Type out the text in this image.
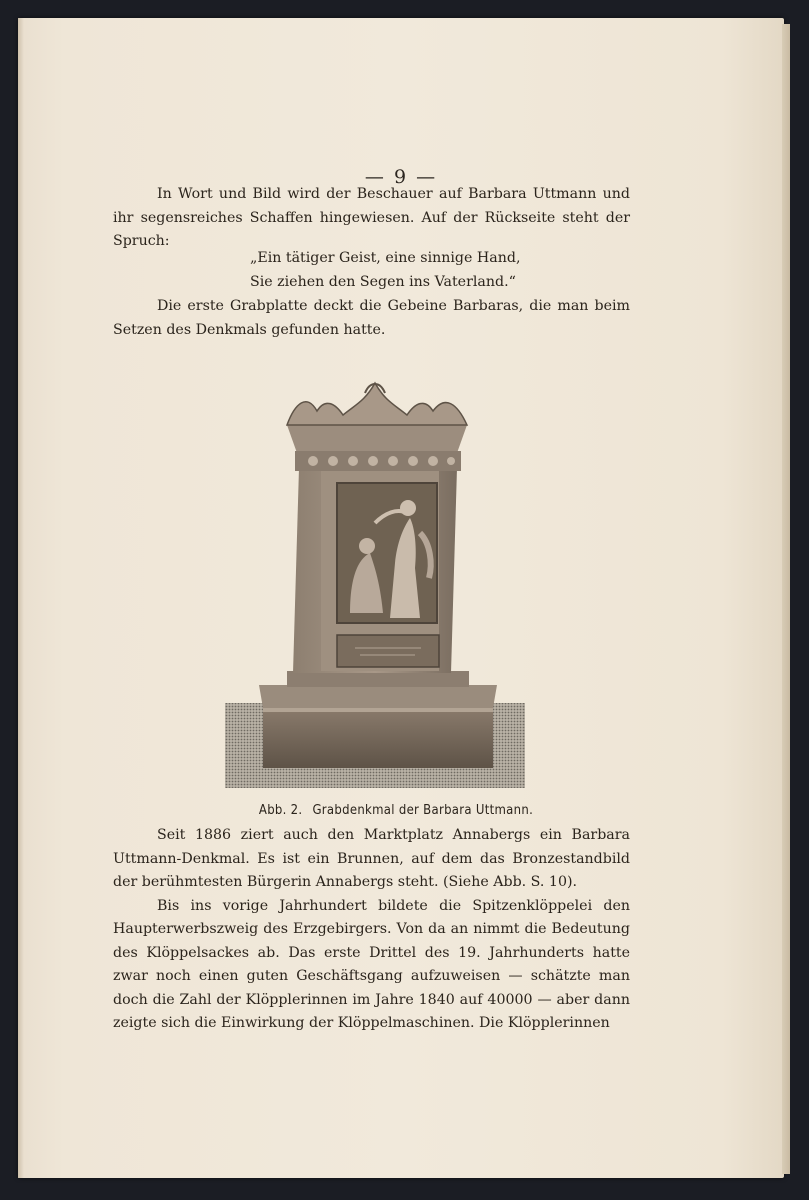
— 9 —
In Wort und Bild wird der Beschauer auf Barbara Uttmann und ihr segensreiches Schaffen hingewiesen. Auf der Rückseite steht der Spruch:
„Ein tätiger Geist, eine sinnige Hand,
Sie ziehen den Segen ins Vaterland.“
Die erste Grabplatte deckt die Gebeine Barbaras, die man beim Setzen des Denkmals gefunden hatte.
Abb. 2. Grabdenkmal der Barbara Uttmann.
Seit 1886 ziert auch den Marktplatz Annabergs ein Barbara Uttmann-Denkmal. Es ist ein Brunnen, auf dem das Bronzestandbild der berühmtesten Bürgerin Annabergs steht. (Siehe Abb. S. 10).
Bis ins vorige Jahrhundert bildete die Spitzenklöppelei den Haupterwerbszweig des Erzgebirgers. Von da an nimmt die Bedeutung des Klöppelsackes ab. Das erste Drittel des 19. Jahrhunderts hatte zwar noch einen guten Geschäftsgang aufzuweisen — schätzte man doch die Zahl der Klöpplerinnen im Jahre 1840 auf 40000 — aber dann zeigte sich die Einwirkung der Klöppelmaschinen. Die Klöpplerinnen
